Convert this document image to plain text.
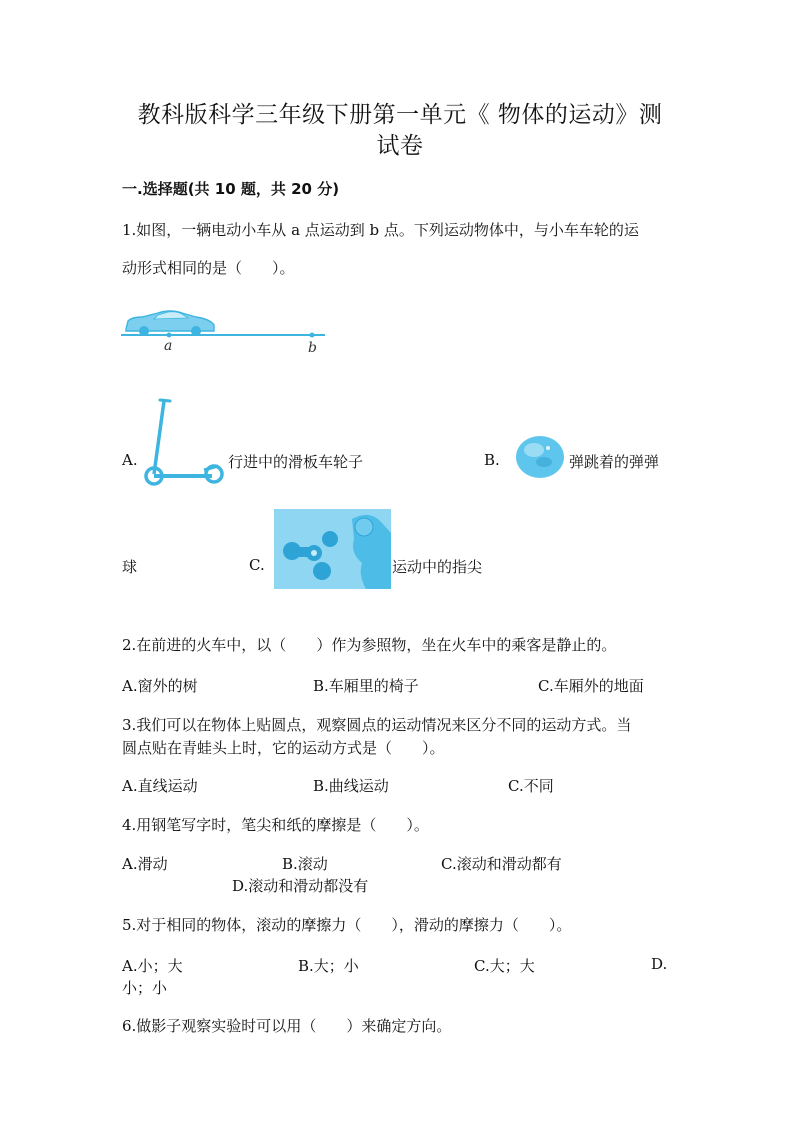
教科版科学三年级下册第一单元《 物体的运动》测
试卷
一.选择题(共 10 题，共 20 分)
1.如图，一辆电动小车从 a 点运动到 b 点。下列运动物体中，与小车车轮的运
动形式相同的是（　　）。
a	b
A.	行进中的滑板车轮子	B.	弹跳着的弹弹
球	C.	运动中的指尖
2.在前进的火车中，以（　　）作为参照物，坐在火车中的乘客是静止的。
A.窗外的树	B.车厢里的椅子	C.车厢外的地面
3.我们可以在物体上贴圆点，观察圆点的运动情况来区分不同的运动方式。当
圆点贴在青蛙头上时，它的运动方式是（　　）。
A.直线运动	B.曲线运动	C.不同
4.用钢笔写字时，笔尖和纸的摩擦是（　　）。
A.滑动	B.滚动	C.滚动和滑动都有
D.滚动和滑动都没有
5.对于相同的物体，滚动的摩擦力（　　），滑动的摩擦力（　　）。
A.小；大	B.大；小	C.大；大	D.
小；小
6.做影子观察实验时可以用（　　）来确定方向。
